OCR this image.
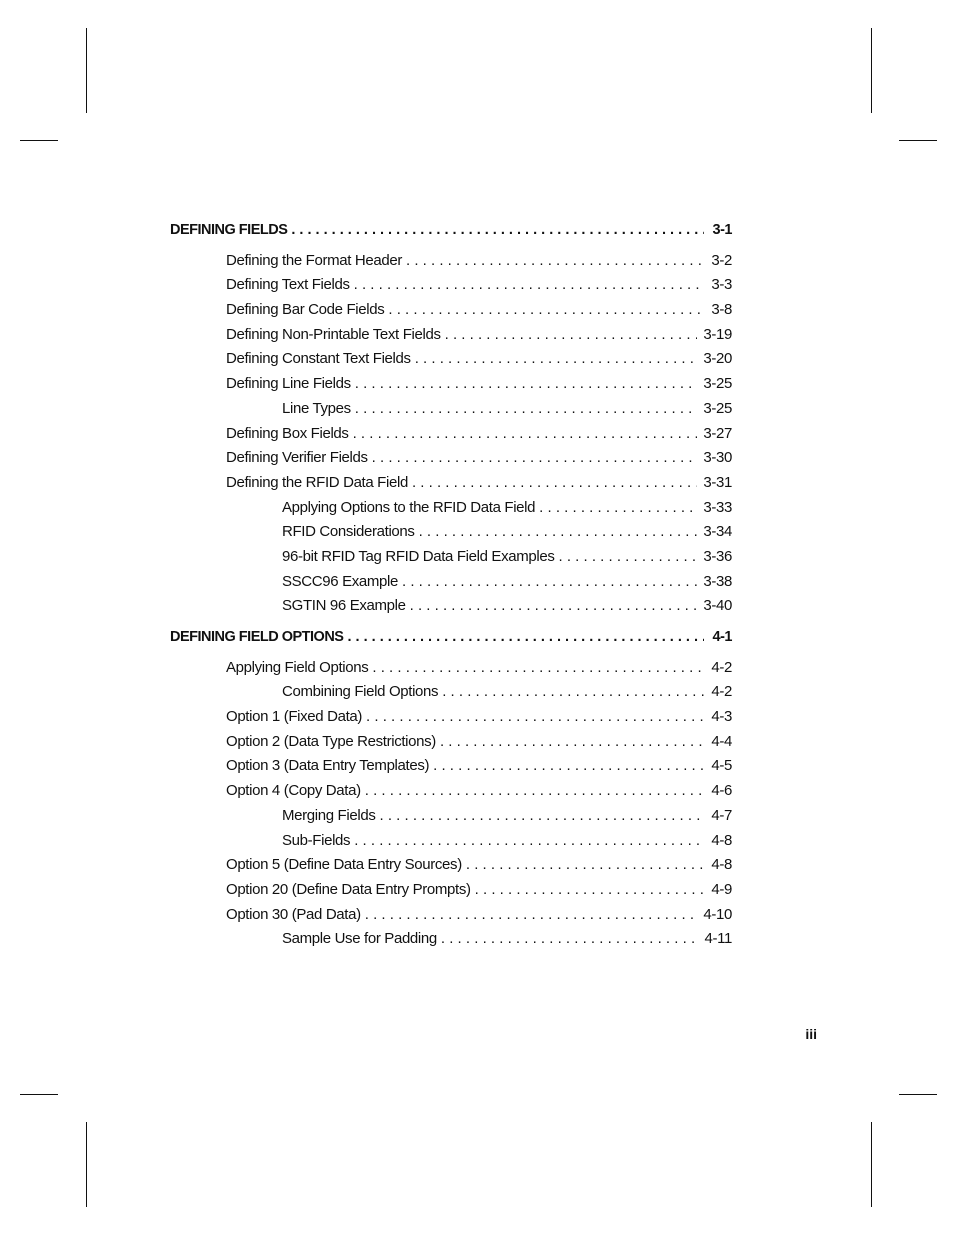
DEFINING FIELDS . . .	3-1
Defining the Format Header . . .	3-2
Defining Text Fields . . .	3-3
Defining Bar Code Fields . . .	3-8
Defining Non-Printable Text Fields . . .	3-19
Defining Constant Text Fields . . .	3-20
Defining Line Fields . . .	3-25
Line Types . . .	3-25
Defining Box Fields . . .	3-27
Defining Verifier Fields . . .	3-30
Defining the RFID Data Field . . .	3-31
Applying Options to the RFID Data Field . . .	3-33
RFID Considerations . . .	3-34
96-bit RFID Tag RFID Data Field Examples . . .	3-36
SSCC96 Example . . .	3-38
SGTIN 96 Example . . .	3-40
DEFINING FIELD OPTIONS . . .	4-1
Applying Field Options . . .	4-2
Combining Field Options . . .	4-2
Option 1 (Fixed Data) . . .	4-3
Option 2 (Data Type Restrictions) . . .	4-4
Option 3 (Data Entry Templates) . . .	4-5
Option 4 (Copy Data) . . .	4-6
Merging Fields . . .	4-7
Sub-Fields . . .	4-8
Option 5 (Define Data Entry Sources) . . .	4-8
Option 20 (Define Data Entry Prompts) . . .	4-9
Option 30 (Pad Data) . . .	4-10
Sample Use for Padding . . .	4-11
iii
